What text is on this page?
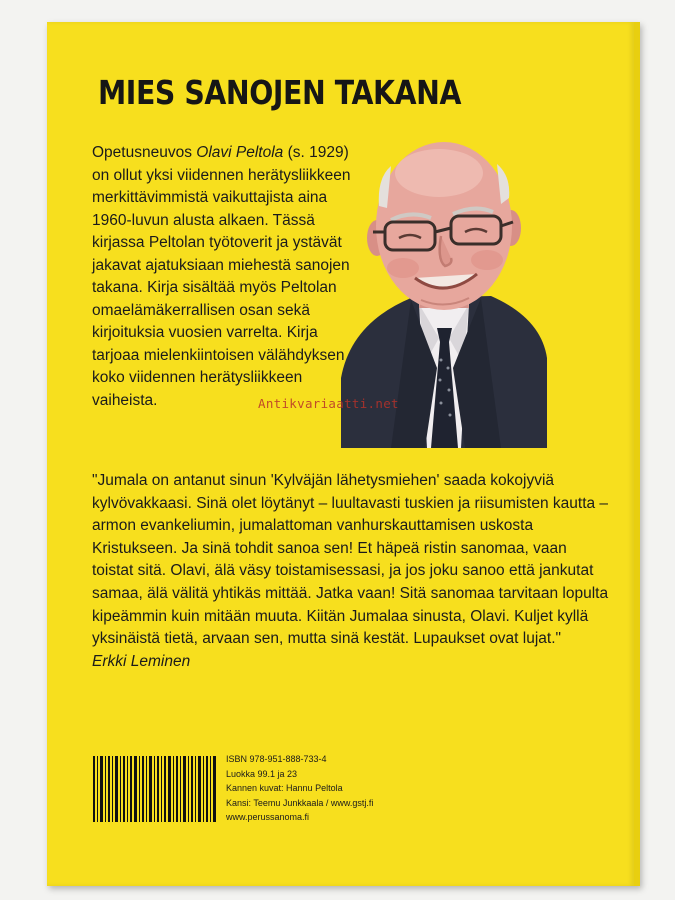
MIES SANOJEN TAKANA

Opetusneuvos Olavi Peltola (s. 1929) on ollut yksi viidennen herätysliikkeen merkittävimmistä vaikuttajista aina 1960-luvun alusta alkaen. Tässä kirjassa Peltolan työtoverit ja ystävät jakavat ajatuksiaan miehestä sanojen takana. Kirja sisältää myös Peltolan omaelämäkerrallisen osan sekä kirjoituksia vuosien varrelta. Kirja tarjoaa mielenkiintoisen välähdyksen koko viidennen herätysliikkeen vaiheista.	Antikvariaatti.net

"Jumala on antanut sinun 'Kylväjän lähetysmiehen' saada kokojyviä kylvövakkaasi. Sinä olet löytänyt – luultavasti tuskien ja riisumisten kautta – armon evankeliumin, jumalattoman vanhurskauttamisen uskosta Kristukseen. Ja sinä tohdit sanoa sen! Et häpeä ristin sanomaa, vaan toistat sitä. Olavi, älä väsy toistamisessasi, ja jos joku sanoo että jankutat samaa, älä välitä yhtikäs mittää. Jatka vaan! Sitä sanomaa tarvitaan lopulta kipeämmin kuin mitään muuta. Kiitän Jumalaa sinusta, Olavi. Kuljet kyllä yksinäistä tietä, arvaan sen, mutta sinä kestät. Lupaukset ovat lujat."

Erkki Leminen

ISBN 978-951-888-733-4
Luokka 99.1 ja 23
Kannen kuvat: Hannu Peltola
Kansi: Teemu Junkkaala / www.gstj.fi
www.perussanoma.fi
